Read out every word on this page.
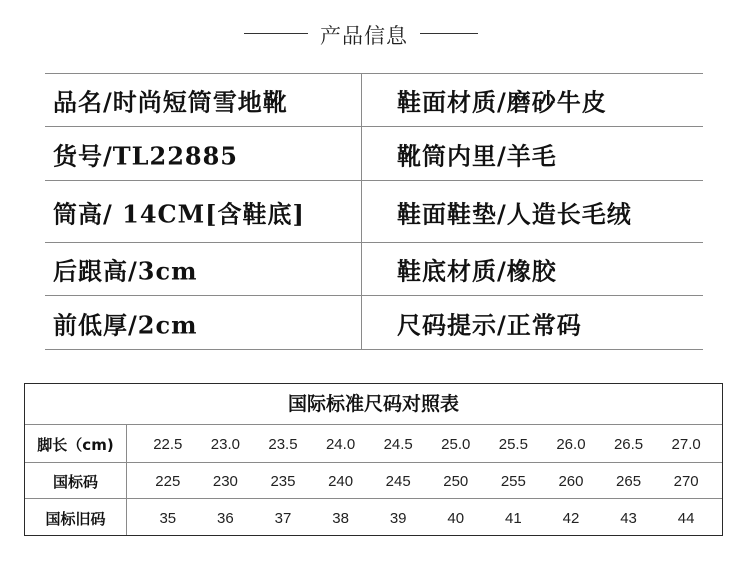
产品信息
品名/时尚短筒雪地靴	鞋面材质/磨砂牛皮
货号/TL22885	靴筒内里/羊毛
筒高/ 14CM[含鞋底]	鞋面鞋垫/人造长毛绒
后跟高/3cm	鞋底材质/橡胶
前低厚/2cm	尺码提示/正常码
国际标准尺码对照表
脚长（cm)	22.5	23.0	23.5	24.0	24.5	25.0	25.5	26.0	26.5	27.0
国标码	225	230	235	240	245	250	255	260	265	270
国标旧码	35	36	37	38	39	40	41	42	43	44
